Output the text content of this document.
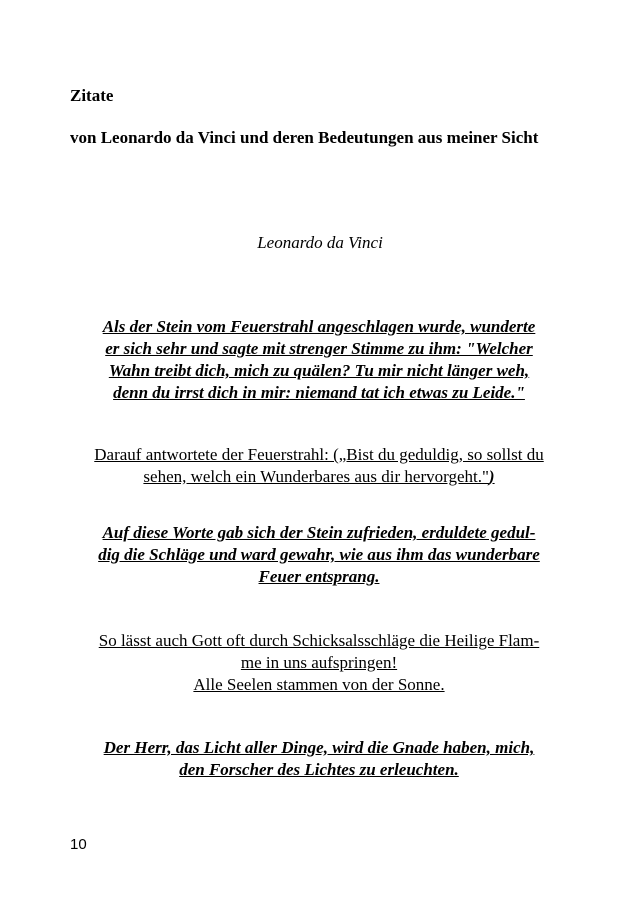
Zitate

von Leonardo da Vinci und deren Bedeutungen aus meiner Sicht

Leonardo da Vinci

Als der Stein vom Feuerstrahl angeschlagen wurde, wunderte
er sich sehr und sagte mit strenger Stimme zu ihm: "Welcher
Wahn treibt dich, mich zu quälen? Tu mir nicht länger weh,
denn du irrst dich in mir: niemand tat ich etwas zu Leide."

Darauf antwortete der Feuerstrahl: („Bist du geduldig, so sollst du
sehen, welch ein Wunderbares aus dir hervorgeht.")

Auf diese Worte gab sich der Stein zufrieden, erduldete gedul-
dig die Schläge und ward gewahr, wie aus ihm das wunderbare
Feuer entsprang.

So lässt auch Gott oft durch Schicksalsschläge die Heilige Flam-
me in uns aufspringen!
Alle Seelen stammen von der Sonne.

Der Herr, das Licht aller Dinge, wird die Gnade haben, mich,
den Forscher des Lichtes zu erleuchten.

10
